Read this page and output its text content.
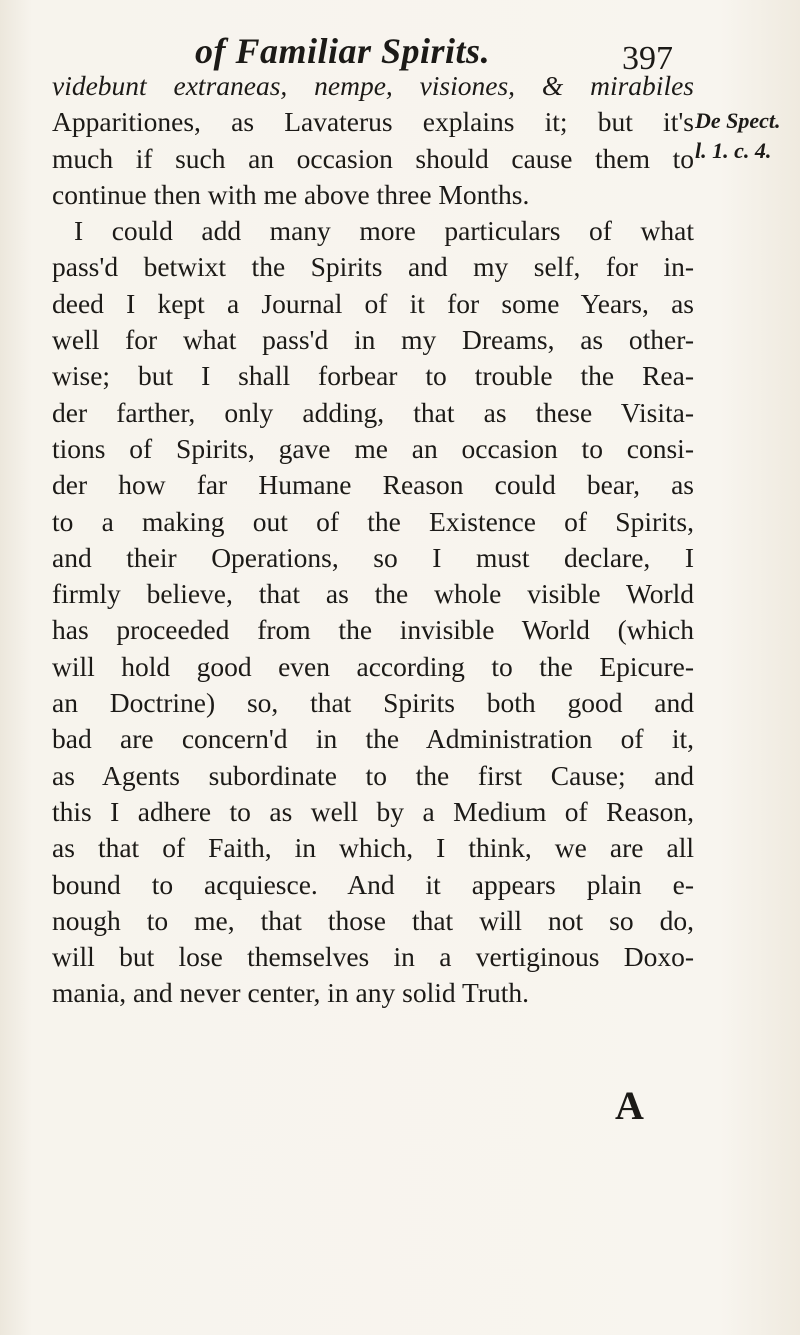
of Familiar Spirits.	397
De Spect.
l. 1. c. 4.
videbunt extraneas, nempe, visiones, & mirabiles
Apparitiones, as Lavaterus explains it; but it's
much if such an occasion should cause them to
continue then with me above three Months.
I could add many more particulars of what
pass'd betwixt the Spirits and my self, for in-
deed I kept a Journal of it for some Years, as
well for what pass'd in my Dreams, as other-
wise; but I shall forbear to trouble the Rea-
der farther, only adding, that as these Visita-
tions of Spirits, gave me an occasion to consi-
der how far Humane Reason could bear, as
to a making out of the Existence of Spirits,
and their Operations, so I must declare, I
firmly believe, that as the whole visible World
has proceeded from the invisible World (which
will hold good even according to the Epicure-
an Doctrine) so, that Spirits both good and
bad are concern'd in the Administration of it,
as Agents subordinate to the first Cause; and
this I adhere to as well by a Medium of Reason,
as that of Faith, in which, I think, we are all
bound to acquiesce. And it appears plain e-
nough to me, that those that will not so do,
will but lose themselves in a vertiginous Doxo-
mania, and never center, in any solid Truth.
A
